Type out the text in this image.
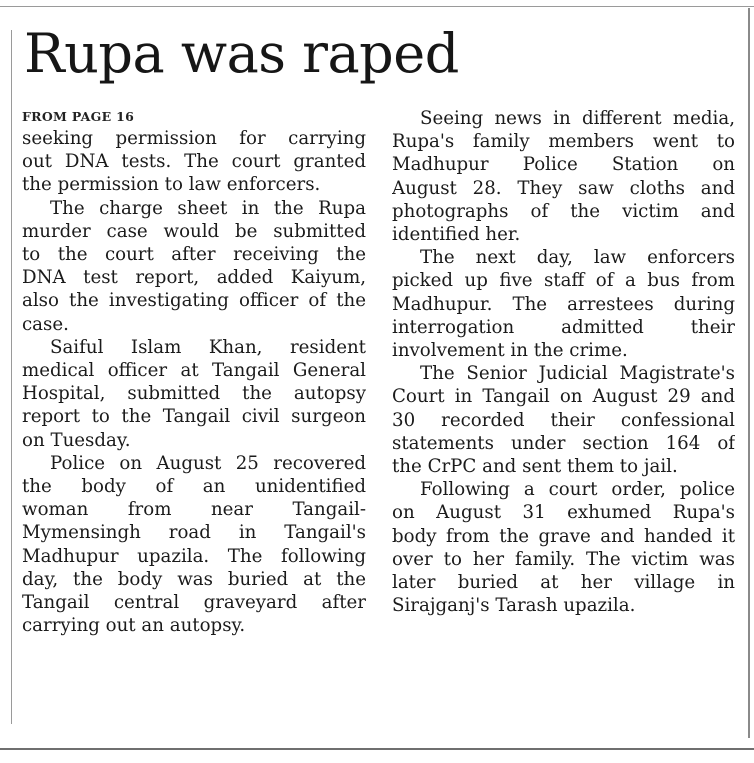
Rupa was raped
FROM PAGE 16
seeking permission for carrying
out DNA tests. The court granted
the permission to law enforcers.
The charge sheet in the Rupa
murder case would be submitted
to the court after receiving the
DNA test report, added Kaiyum,
also the investigating officer of the
case.
Saiful Islam Khan, resident
medical officer at Tangail General
Hospital, submitted the autopsy
report to the Tangail civil surgeon
on Tuesday.
Police on August 25 recovered
the body of an unidentified
woman from near Tangail-
Mymensingh road in Tangail's
Madhupur upazila. The following
day, the body was buried at the
Tangail central graveyard after
carrying out an autopsy.
Seeing news in different media,
Rupa's family members went to
Madhupur Police Station on
August 28. They saw cloths and
photographs of the victim and
identified her.
The next day, law enforcers
picked up five staff of a bus from
Madhupur. The arrestees during
interrogation admitted their
involvement in the crime.
The Senior Judicial Magistrate's
Court in Tangail on August 29 and
30 recorded their confessional
statements under section 164 of
the CrPC and sent them to jail.
Following a court order, police
on August 31 exhumed Rupa's
body from the grave and handed it
over to her family. The victim was
later buried at her village in
Sirajganj's Tarash upazila.
